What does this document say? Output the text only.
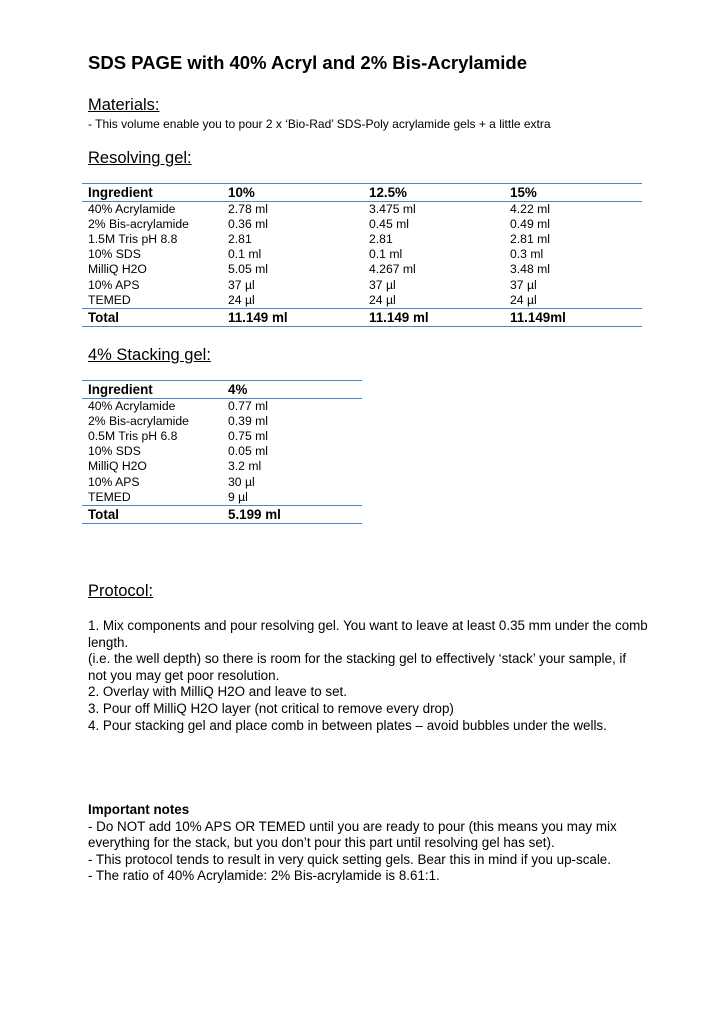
SDS PAGE with 40% Acryl and 2% Bis-Acrylamide
Materials:
- This volume enable you to pour 2 x ‘Bio-Rad’ SDS-Poly acrylamide gels + a little extra
Resolving gel:
Ingredient	10%	12.5%	15%
40% Acrylamide	2.78 ml	3.475 ml	4.22 ml
2% Bis-acrylamide	0.36 ml	0.45 ml	0.49 ml
1.5M Tris pH 8.8	2.81	2.81	2.81 ml
10% SDS	0.1 ml	0.1 ml	0.3 ml
MilliQ H2O	5.05 ml	4.267 ml	3.48 ml
10% APS	37 µl	37 µl	37 µl
TEMED	24 µl	24 µl	24 µl
Total	11.149 ml	11.149 ml	11.149ml
4% Stacking gel:
Ingredient	4%
40% Acrylamide	0.77 ml
2% Bis-acrylamide	0.39 ml
0.5M Tris pH 6.8	0.75 ml
10% SDS	0.05 ml
MilliQ H2O	3.2 ml
10% APS	30 µl
TEMED	9 µl
Total	5.199 ml
Protocol:

1. Mix components and pour resolving gel. You want to leave at least 0.35 mm under the comb length.

(i.e. the well depth) so there is room for the stacking gel to effectively ‘stack’ your sample, if not you may get poor resolution.

2. Overlay with MilliQ H2O and leave to set.

3. Pour off MilliQ H2O layer (not critical to remove every drop)

4. Pour stacking gel and place comb in between plates – avoid bubbles under the wells.

Important notes

- Do NOT add 10% APS OR TEMED until you are ready to pour (this means you may mix everything for the stack, but you don’t pour this part until resolving gel has set).

- This protocol tends to result in very quick setting gels. Bear this in mind if you up-scale.

- The ratio of 40% Acrylamide: 2% Bis-acrylamide is 8.61:1.
